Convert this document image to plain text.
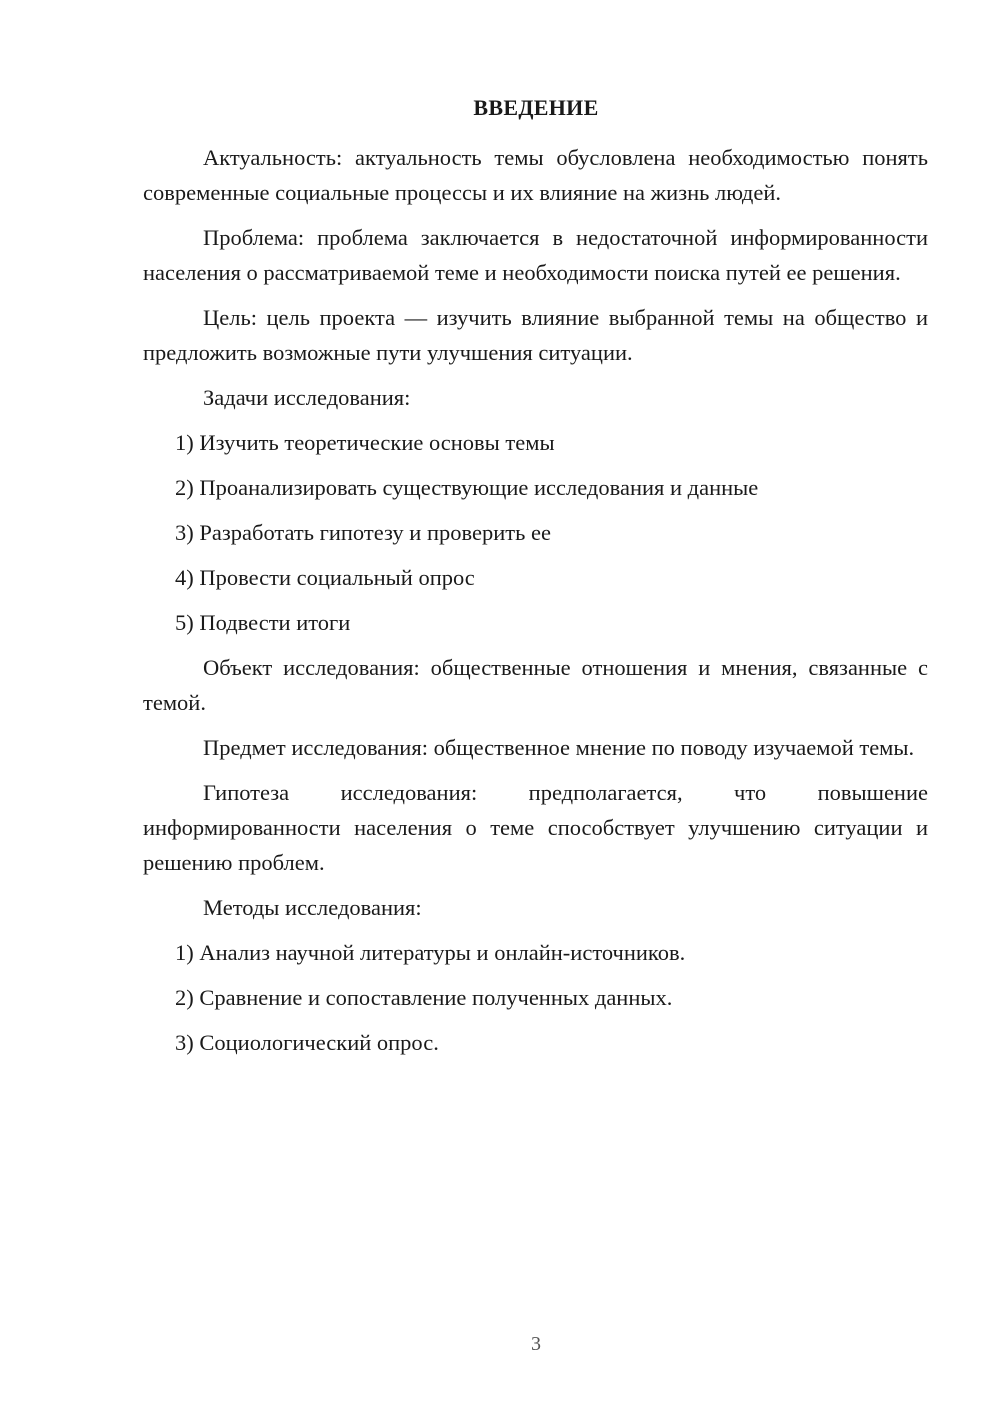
ВВЕДЕНИЕ

Актуальность: актуальность темы обусловлена необходимостью понять современные социальные процессы и их влияние на жизнь людей.

Проблема: проблема заключается в недостаточной информированности населения о рассматриваемой теме и необходимости поиска путей ее решения.

Цель: цель проекта — изучить влияние выбранной темы на общество и предложить возможные пути улучшения ситуации.

Задачи исследования:

1) Изучить теоретические основы темы
2) Проанализировать существующие исследования и данные
3) Разработать гипотезу и проверить ее
4) Провести социальный опрос
5) Подвести итоги

Объект исследования: общественные отношения и мнения, связанные с темой.

Предмет исследования: общественное мнение по поводу изучаемой темы.

Гипотеза исследования: предполагается, что повышение информированности населения о теме способствует улучшению ситуации и решению проблем.

Методы исследования:

1) Анализ научной литературы и онлайн-источников.
2) Сравнение и сопоставление полученных данных.
3) Социологический опрос.
3
